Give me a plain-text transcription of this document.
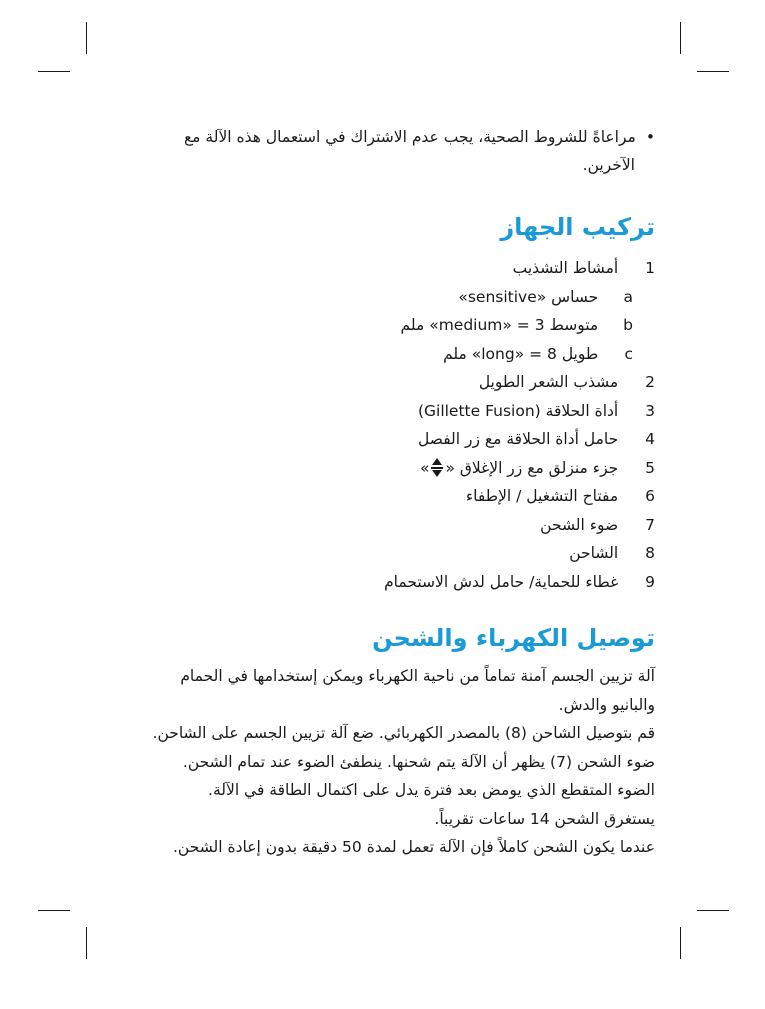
•مراعاةً للشروط الصحية، يجب عدم الاشتراك في استعمال هذه الآلة مع
الآخرين.
تركيب الجهاز
1   أمشاط التشذيب
a   حساس «sensitive»
b   متوسط 3 = «medium» ملم
c   طويل 8 = «long» ملم
2   مشذب الشعر الطويل
3   أداة الحلاقة (Gillette Fusion)
4   حامل أداة الحلاقة مع زر الفصل
5   جزء منزلق مع زر الإغلاق «
»
6   مفتاح التشغيل / الإطفاء
7   ضوء الشحن
8   الشاحن
9   غطاء للحماية/ حامل لدش الاستحمام
توصيل الكهرباء والشحن

آلة تزيين الجسم آمنة تماماً من ناحية الكهرباء ويمكن إستخدامها في الحمام

والبانيو والدش.

قم بتوصيل الشاحن (8) بالمصدر الكهربائي. ضع آلة تزيين الجسم على الشاحن.

ضوء الشحن (7) يظهر أن الآلة يتم شحنها. ينطفئ الضوء عند تمام الشحن.

الضوء المتقطع الذي يومض بعد فترة يدل على اكتمال الطاقة في الآلة.

يستغرق الشحن 14 ساعات تقريباً.

عندما يكون الشحن كاملاً فإن الآلة تعمل لمدة 50 دقيقة بدون إعادة الشحن.
